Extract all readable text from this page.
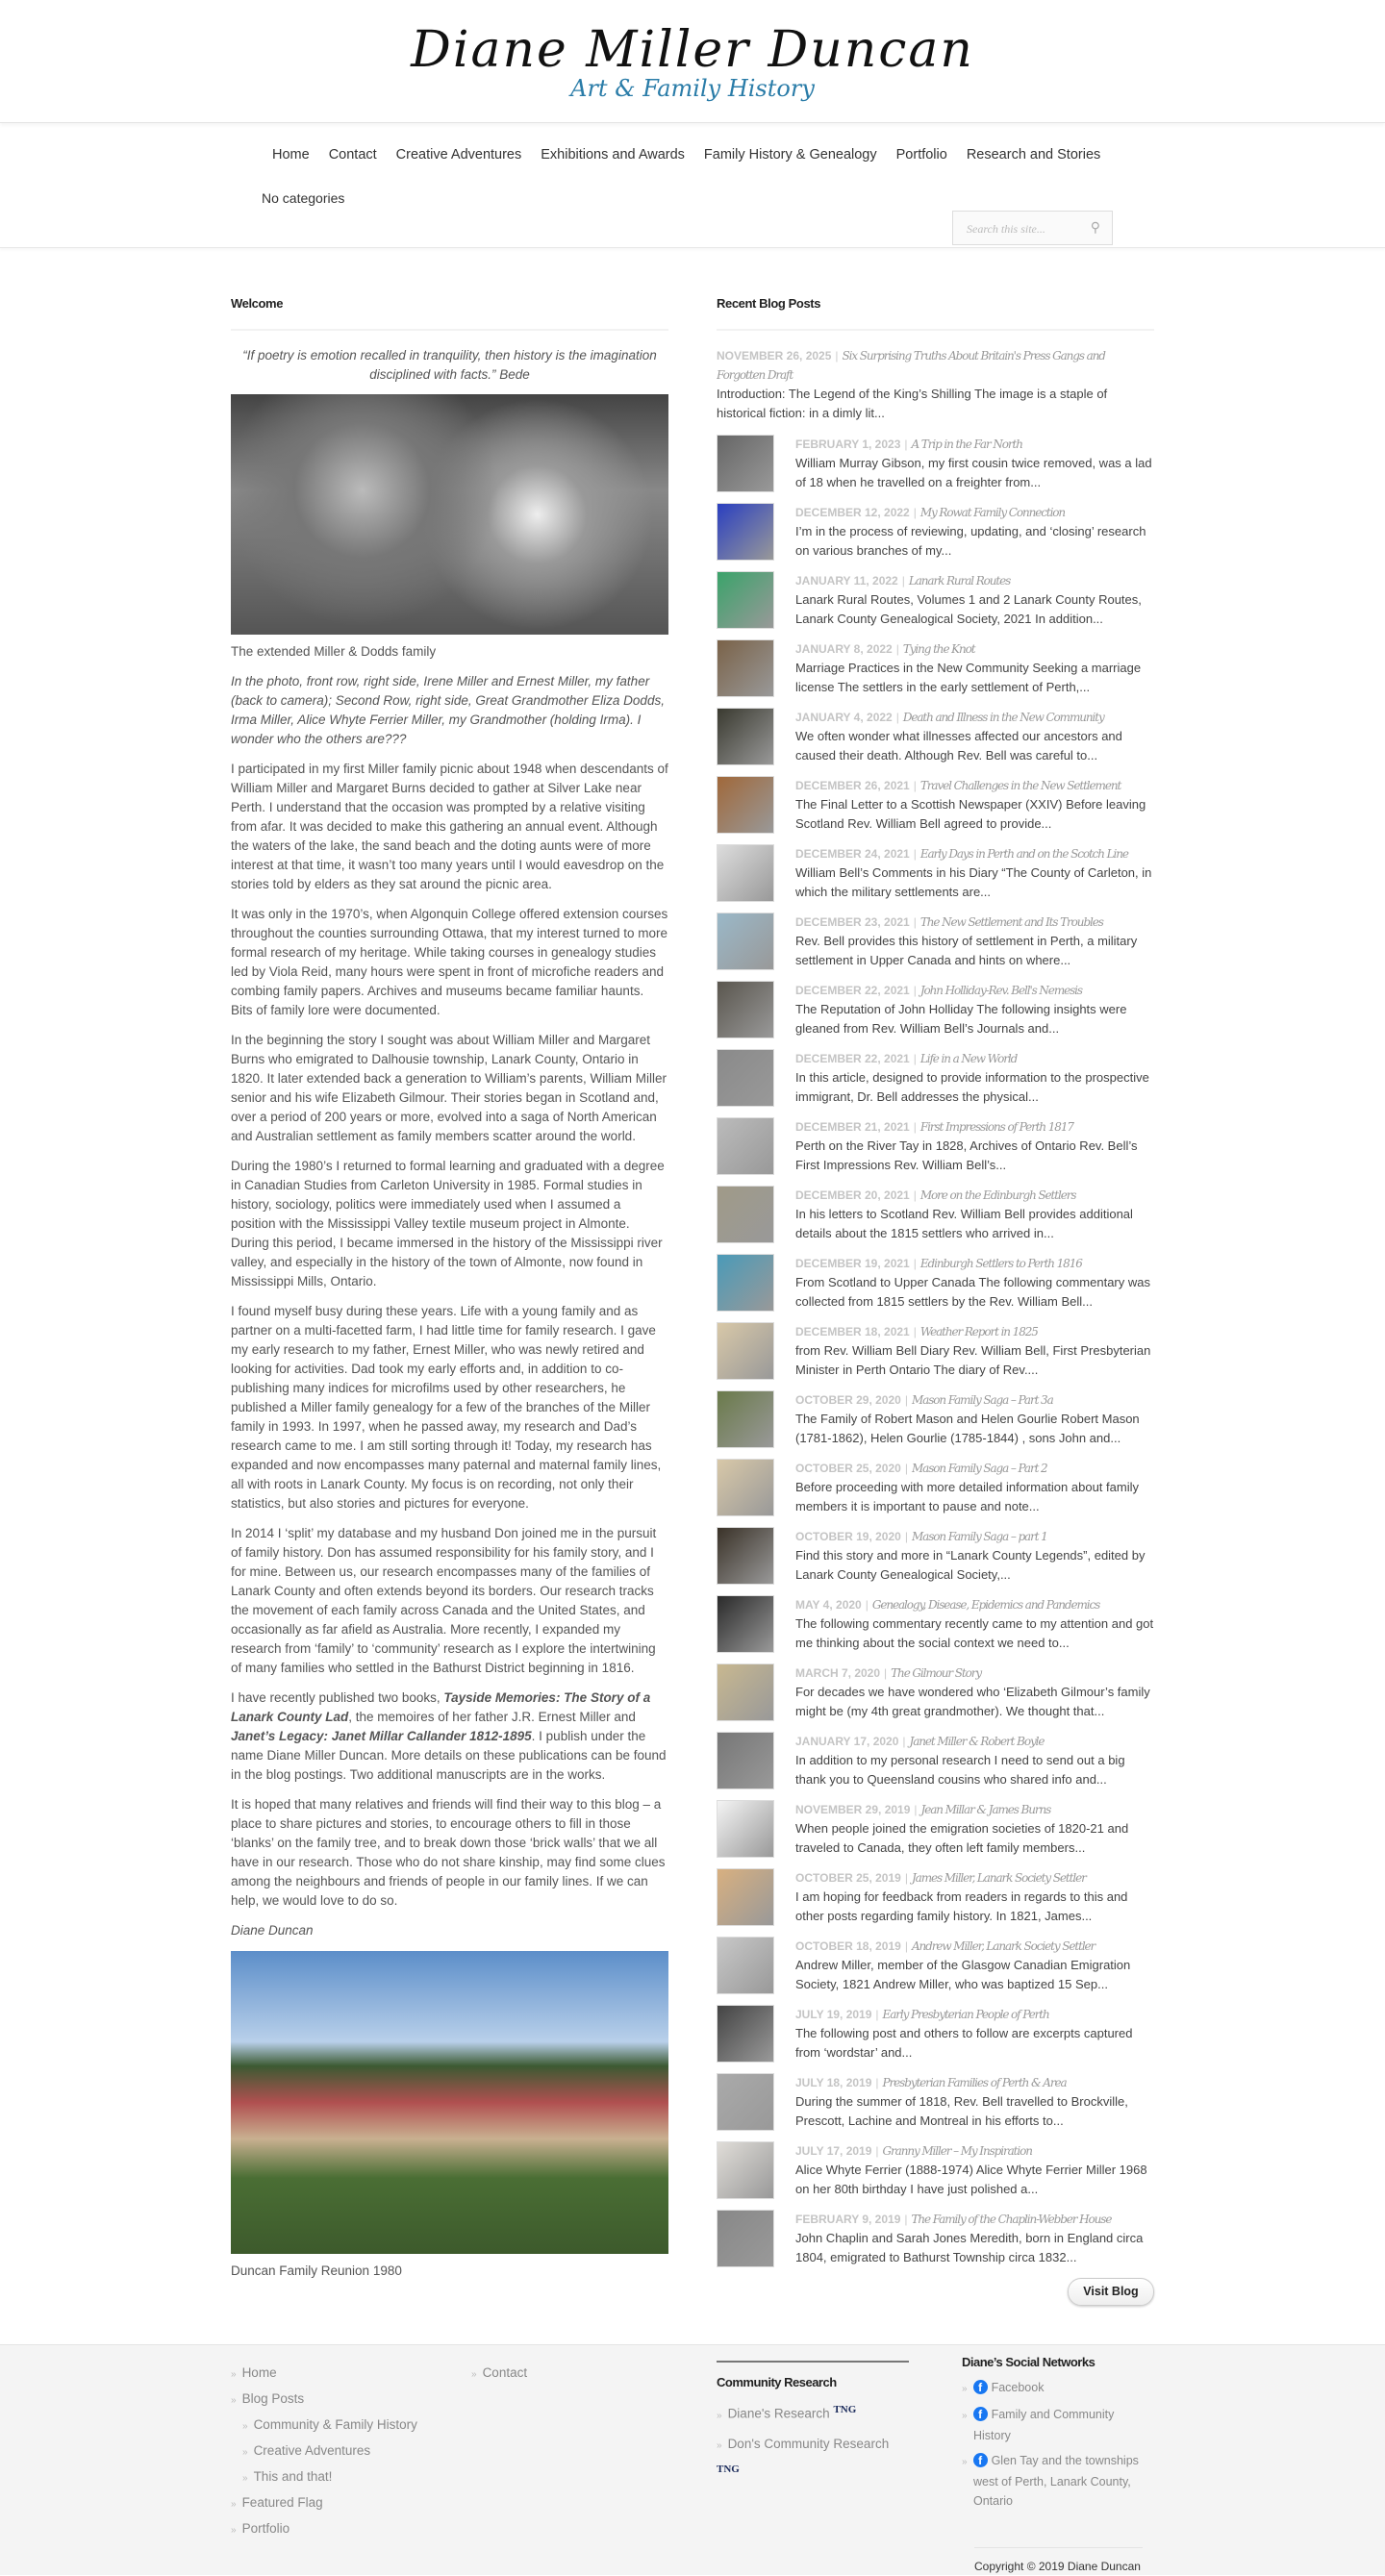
Diane Miller Duncan
Art & Family History
Home Contact Creative Adventures Exhibitions and Awards Family History & Genealogy Portfolio Research and Stories
No categories
Search this site...	⚲
Welcome
“If poetry is emotion recalled in tranquility, then history is the imagination disciplined with facts.” Bede

The extended Miller & Dodds family

In the photo, front row, right side, Irene Miller and Ernest Miller, my father (back to camera); Second Row, right side, Great Grandmother Eliza Dodds, Irma Miller, Alice Whyte Ferrier Miller, my Grandmother (holding Irma). I wonder who the others are???

I participated in my first Miller family picnic about 1948 when descendants of William Miller and Margaret Burns decided to gather at Silver Lake near Perth. I understand that the occasion was prompted by a relative visiting from afar. It was decided to make this gathering an annual event. Although the waters of the lake, the sand beach and the doting aunts were of more interest at that time, it wasn’t too many years until I would eavesdrop on the stories told by elders as they sat around the picnic area.

It was only in the 1970’s, when Algonquin College offered extension courses throughout the counties surrounding Ottawa, that my interest turned to more formal research of my heritage. While taking courses in genealogy studies led by Viola Reid, many hours were spent in front of microfiche readers and combing family papers. Archives and museums became familiar haunts. Bits of family lore were documented.

In the beginning the story I sought was about William Miller and Margaret Burns who emigrated to Dalhousie township, Lanark County, Ontario in 1820. It later extended back a generation to William’s parents, William Miller senior and his wife Elizabeth Gilmour. Their stories began in Scotland and, over a period of 200 years or more, evolved into a saga of North American and Australian settlement as family members scatter around the world.

During the 1980’s I returned to formal learning and graduated with a degree in Canadian Studies from Carleton University in 1985. Formal studies in history, sociology, politics were immediately used when I assumed a position with the Mississippi Valley textile museum project in Almonte. During this period, I became immersed in the history of the Mississippi river valley, and especially in the history of the town of Almonte, now found in Mississippi Mills, Ontario.

I found myself busy during these years. Life with a young family and as partner on a multi-facetted farm, I had little time for family research. I gave my early research to my father, Ernest Miller, who was newly retired and looking for activities. Dad took my early efforts and, in addition to co-publishing many indices for microfilms used by other researchers, he published a Miller family genealogy for a few of the branches of the Miller family in 1993. In 1997, when he passed away, my research and Dad’s research came to me. I am still sorting through it! Today, my research has expanded and now encompasses many paternal and maternal family lines, all with roots in Lanark County. My focus is on recording, not only their statistics, but also stories and pictures for everyone.

In 2014 I ‘split’ my database and my husband Don joined me in the pursuit of family history. Don has assumed responsibility for his family story, and I for mine. Between us, our research encompasses many of the families of Lanark County and often extends beyond its borders. Our research tracks the movement of each family across Canada and the United States, and occasionally as far afield as Australia. More recently, I expanded my research from ‘family’ to ‘community’ research as I explore the intertwining of many families who settled in the Bathurst District beginning in 1816.

I have recently published two books, Tayside Memories: The Story of a Lanark County Lad, the memoires of her father J.R. Ernest Miller and Janet’s Legacy: Janet Millar Callander 1812-1895. I publish under the name Diane Miller Duncan. More details on these publications can be found in the blog postings. Two additional manuscripts are in the works.

It is hoped that many relatives and friends will find their way to this blog – a place to share pictures and stories, to encourage others to fill in those ‘blanks’ on the family tree, and to break down those ‘brick walls’ that we all have in our research. Those who do not share kinship, may find some clues among the neighbours and friends of people in our family lines. If we can help, we would love to do so.

Diane Duncan

Duncan Family Reunion 1980

Recent Blog Posts
NOVEMBER 26, 2025 | Six Surprising Truths About Britain's Press Gangs and Forgotten Draft
Introduction: The Legend of the King’s Shilling The image is a staple of historical fiction: in a dimly lit...
FEBRUARY 1, 2023 | A Trip in the Far North
William Murray Gibson, my first cousin twice removed, was a lad of 18 when he travelled on a freighter from...
DECEMBER 12, 2022 | My Rowat Family Connection
I’m in the process of reviewing, updating, and ‘closing’ research on various branches of my...
JANUARY 11, 2022 | Lanark Rural Routes
Lanark Rural Routes, Volumes 1 and 2 Lanark County Routes, Lanark County Genealogical Society, 2021 In addition...
JANUARY 8, 2022 | Tying the Knot
Marriage Practices in the New Community Seeking a marriage license The settlers in the early settlement of Perth,...
JANUARY 4, 2022 | Death and Illness in the New Community
We often wonder what illnesses affected our ancestors and caused their death. Although Rev. Bell was careful to...
DECEMBER 26, 2021 | Travel Challenges in the New Settlement
The Final Letter to a Scottish Newspaper (XXIV) Before leaving Scotland Rev. William Bell agreed to provide...
DECEMBER 24, 2021 | Early Days in Perth and on the Scotch Line
William Bell’s Comments in his Diary “The County of Carleton, in which the military settlements are...
DECEMBER 23, 2021 | The New Settlement and Its Troubles
Rev. Bell provides this history of settlement in Perth, a military settlement in Upper Canada and hints on where...
DECEMBER 22, 2021 | John Holliday-Rev. Bell's Nemesis
The Reputation of John Holliday The following insights were gleaned from Rev. William Bell’s Journals and...
DECEMBER 22, 2021 | Life in a New World
In this article, designed to provide information to the prospective immigrant, Dr. Bell addresses the physical...
DECEMBER 21, 2021 | First Impressions of Perth 1817
Perth on the River Tay in 1828, Archives of Ontario Rev. Bell’s First Impressions Rev. William Bell’s...
DECEMBER 20, 2021 | More on the Edinburgh Settlers
In his letters to Scotland Rev. William Bell provides additional details about the 1815 settlers who arrived in...
DECEMBER 19, 2021 | Edinburgh Settlers to Perth 1816
From Scotland to Upper Canada The following commentary was collected from 1815 settlers by the Rev. William Bell...
DECEMBER 18, 2021 | Weather Report in 1825
from Rev. William Bell Diary Rev. William Bell, First Presbyterian Minister in Perth Ontario The diary of Rev....
OCTOBER 29, 2020 | Mason Family Saga – Part 3a
The Family of Robert Mason and Helen Gourlie Robert Mason (1781-1862), Helen Gourlie (1785-1844) , sons John and...
OCTOBER 25, 2020 | Mason Family Saga – Part 2
Before proceeding with more detailed information about family members it is important to pause and note...
OCTOBER 19, 2020 | Mason Family Saga – part 1
Find this story and more in “Lanark County Legends”, edited by Lanark County Genealogical Society,...
MAY 4, 2020 | Genealogy, Disease, Epidemics and Pandemics
The following commentary recently came to my attention and got me thinking about the social context we need to...
MARCH 7, 2020 | The Gilmour Story
For decades we have wondered who ‘Elizabeth Gilmour’s family might be (my 4th great grandmother). We thought that...
JANUARY 17, 2020 | Janet Miller & Robert Boyle
In addition to my personal research I need to send out a big thank you to Queensland cousins who shared info and...
NOVEMBER 29, 2019 | Jean Millar & James Burns
When people joined the emigration societies of 1820-21 and traveled to Canada, they often left family members...
OCTOBER 25, 2019 | James Miller, Lanark Society Settler
I am hoping for feedback from readers in regards to this and other posts regarding family history. In 1821, James...
OCTOBER 18, 2019 | Andrew Miller, Lanark Society Settler
Andrew Miller, member of the Glasgow Canadian Emigration Society, 1821 Andrew Miller, who was baptized 15 Sep...
JULY 19, 2019 | Early Presbyterian People of Perth
The following post and others to follow are excerpts captured from ‘wordstar’ and...
JULY 18, 2019 | Presbyterian Families of Perth & Area
During the summer of 1818, Rev. Bell travelled to Brockville, Prescott, Lachine and Montreal in his efforts to...
JULY 17, 2019 | Granny Miller – My Inspiration
Alice Whyte Ferrier (1888-1974) Alice Whyte Ferrier Miller 1968 on her 80th birthday I have just polished a...
FEBRUARY 9, 2019 | The Family of the Chaplin-Webber House
John Chaplin and Sarah Jones Meredith, born in England circa 1804, emigrated to Bathurst Township circa 1832...
Visit Blog
» Home
» Blog Posts
» Community & Family History
» Creative Adventures
» This and that!
» Featured Flag
» Portfolio
» Contact
Community Research
» Diane's Research $^{TNG}$
» Don's Community Research $^{TNG}$
Diane’s Social Networks
» f Facebook
» f Family and Community History
» f Glen Tay and the townships west of Perth, Lanark County, Ontario
Copyright © 2019 Diane Duncan
